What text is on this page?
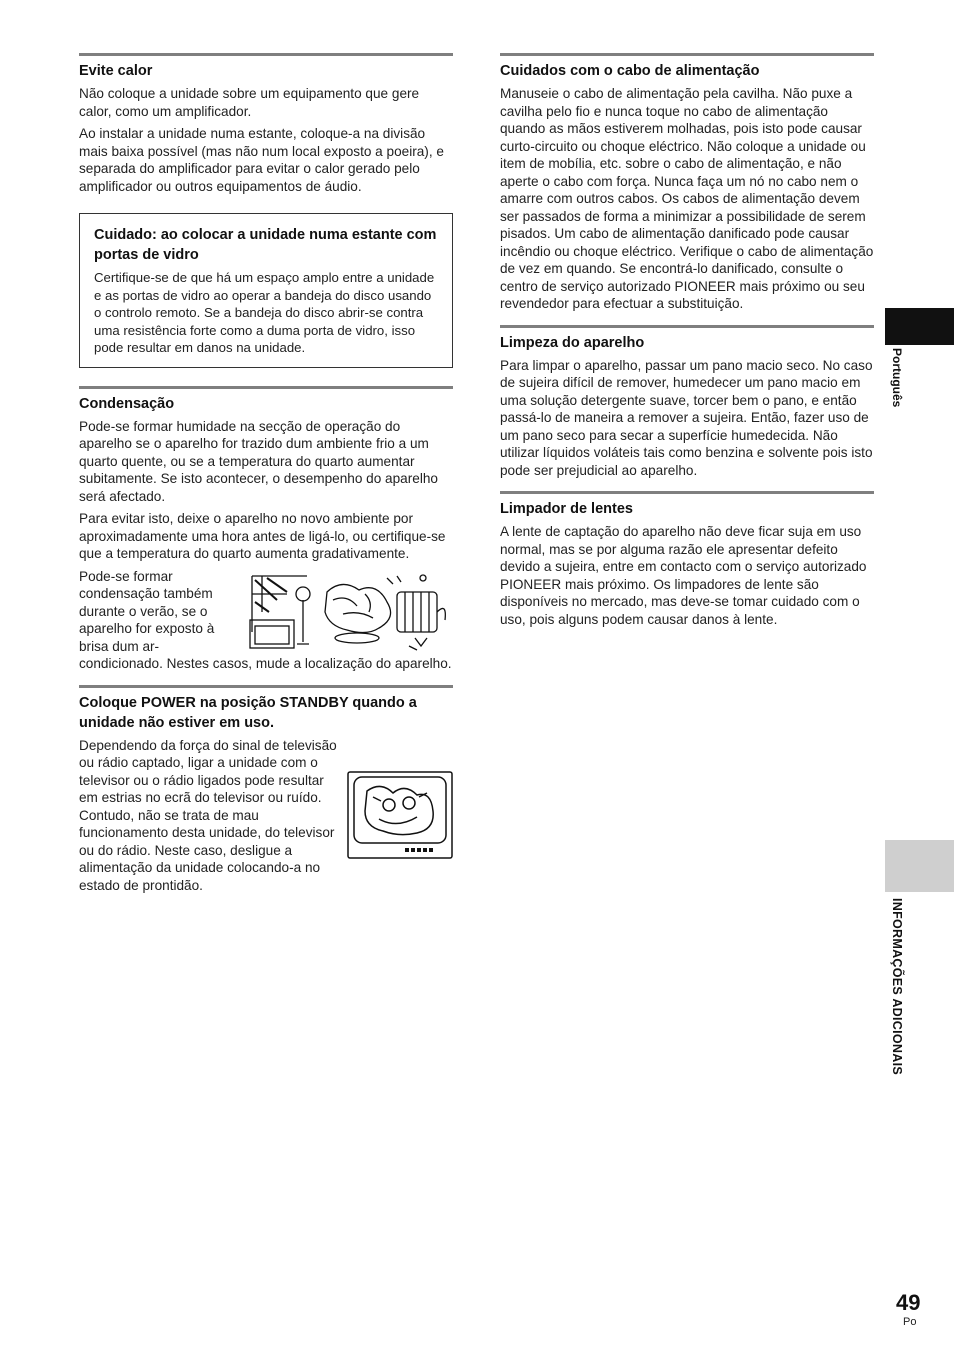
Evite calor

Não coloque a unidade sobre um equipamento que gere calor, como um amplificador.

Ao instalar a unidade numa estante, coloque-a na divisão mais baixa possível (mas não num local exposto a poeira), e separada do amplificador para evitar o calor gerado pelo amplificador ou outros equipamentos de áudio.

Cuidado: ao colocar a unidade numa estante com portas de vidro

Certifique-se de que há um espaço amplo entre a unidade e as portas de vidro ao operar a bandeja do disco usando o controlo remoto. Se a bandeja do disco abrir-se contra uma resistência forte como a duma porta de vidro, isso pode resultar em danos na unidade.

Condensação

Pode-se formar humidade na secção de operação do aparelho se o aparelho for trazido dum ambiente frio a um quarto quente, ou se a temperatura do quarto aumentar subitamente. Se isto acontecer, o desempenho do aparelho será afectado.

Para evitar isto, deixe o aparelho no novo ambiente por aproximadamente uma hora antes de ligá-lo, ou certifique-se que a temperatura do quarto aumenta gradativamente.

Pode-se formar condensação também durante o verão, se o aparelho for exposto à brisa dum ar-condicionado. Nestes casos, mude a localização do aparelho.

Coloque POWER na posição STANDBY quando a unidade não estiver em uso.

Dependendo da força do sinal de televisão ou rádio captado, ligar a unidade com o televisor ou o rádio ligados pode resultar em estrias no ecrã do televisor ou ruído. Contudo, não se trata de mau funcionamento desta unidade, do televisor ou do rádio. Neste caso, desligue a alimentação da unidade colocando-a no estado de prontidão.

Cuidados com o cabo de alimentação

Manuseie o cabo de alimentação pela cavilha. Não puxe a cavilha pelo fio e nunca toque no cabo de alimentação quando as mãos estiverem molhadas, pois isto pode causar curto-circuito ou choque eléctrico. Não coloque a unidade ou item de mobília, etc. sobre o cabo de alimentação, e não aperte o cabo com força. Nunca faça um nó no cabo nem o amarre com outros cabos. Os cabos de alimentação devem ser passados de forma a minimizar a possibilidade de serem pisados. Um cabo de alimentação danificado pode causar incêndio ou choque eléctrico. Verifique o cabo de alimentação de vez em quando. Se encontrá-lo danificado, consulte o centro de serviço autorizado PIONEER mais próximo ou seu revendedor para efectuar a substituição.

Limpeza do aparelho

Para limpar o aparelho, passar um pano macio seco. No caso de sujeira difícil de remover, humedecer um pano macio em uma solução detergente suave, torcer bem o pano, e então passá-lo de maneira a remover a sujeira. Então, fazer uso de um pano seco para secar a superfície humedecida. Não utilizar líquidos voláteis tais como benzina e solvente pois isto pode ser prejudicial ao aparelho.

Limpador de lentes

A lente de captação do aparelho não deve ficar suja em uso normal, mas se por alguma razão ele apresentar defeito devido a sujeira, entre em contacto com o serviço autorizado PIONEER mais próximo. Os limpadores de lente são disponíveis no mercado, mas deve-se tomar cuidado com o uso, pois alguns podem causar danos à lente.

Português
INFORMAÇÕES ADICIONAIS
49
Po
